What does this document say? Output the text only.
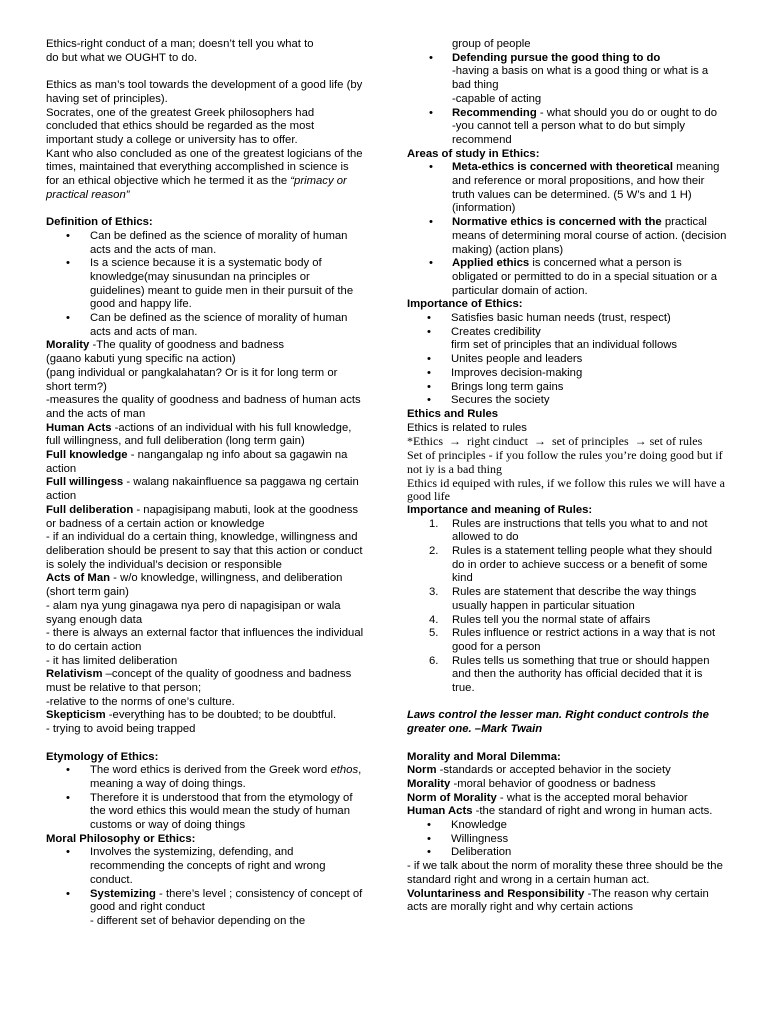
Ethics-right conduct of a man; doesn’t tell you what to

do but what we OUGHT to do.

Ethics as man’s tool towards the development of a good life (by having set of principles).

Socrates, one of the greatest Greek philosophers had concluded that ethics should be regarded as the most important study a college or university has to offer.

Kant who also concluded as one of the greatest logicians of the times, maintained that everything accomplished in science is for an ethical objective which he termed it as the “primacy or practical reason”

Definition of Ethics:

• Can be defined as the science of morality of human acts and the acts of man.
• Is a science because it is a systematic body of knowledge(may sinusundan na principles or guidelines) meant to guide men in their pursuit of the good and happy life.
• Can be defined as the science of morality of human acts and acts of man.

Morality -The quality of goodness and badness

(gaano kabuti yung specific na action)

(pang individual or pangkalahatan? Or is it for long term or short term?)

-measures the quality of goodness and badness of human acts and the acts of man

Human Acts -actions of an individual with his full knowledge, full willingness, and full deliberation (long term gain)

Full knowledge - nangangalap ng info about sa gagawin na action

Full willingess - walang nakainfluence sa paggawa ng certain action

Full deliberation - napagisipang mabuti, look at the goodness or badness of a certain action or knowledge

- if an individual do a certain thing, knowledge, willingness and deliberation should be present to say that this action or conduct is solely the individual’s decision or responsible

Acts of Man - w/o knowledge, willingness, and deliberation (short term gain)

- alam nya yung ginagawa nya pero di napagisipan or wala syang enough data

- there is always an external factor that influences the individual to do certain action

- it has limited deliberation

Relativism –concept of the quality of goodness and badness must be relative to that person;

-relative to the norms of one’s culture.

Skepticism -everything has to be doubted; to be doubtful.

- trying to avoid being trapped

Etymology of Ethics:

• The word ethics is derived from the Greek word ethos, meaning a way of doing things.
• Therefore it is understood that from the etymology of the word ethics this would mean the study of human customs or way of doing things

Moral Philosophy or Ethics:

• Involves the systemizing, defending, and recommending the concepts of right and wrong conduct.
• Systemizing - there’s level ; consistency of concept of good and right conduct
- different set of behavior depending on the

group of people

• Defending pursue the good thing to do
-having a basis on what is a good thing or what is a bad thing
-capable of acting
• Recommending - what should you do or ought to do
-you cannot tell a person what to do but simply recommend

Areas of study in Ethics:

• Meta-ethics is concerned with theoretical meaning and reference or moral propositions, and how their truth values can be determined. (5 W’s and 1 H) (information)
• Normative ethics is concerned with the practical means of determining moral course of action. (decision making) (action plans)
• Applied ethics is concerned what a person is obligated or permitted to do in a special situation or a particular domain of action.

Importance of Ethics:

• Satisfies basic human needs (trust, respect)
• Creates credibility
firm set of principles that an individual follows
• Unites people and leaders
• Improves decision-making
• Brings long term gains
• Secures the society

Ethics and Rules

Ethics is related to rules

*Ethics → right cinduct → set of principles → set of rules

Set of principles - if you follow the rules you’re doing good but if not iy is a bad thing

Ethics id equiped with rules, if we follow this rules we will have a good life

Importance and meaning of Rules:

1. Rules are instructions that tells you what to and not allowed to do
2. Rules is a statement telling people what they should do in order to achieve success or a benefit of some kind
3. Rules are statement that describe the way things usually happen in particular situation
4. Rules tell you the normal state of affairs
5. Rules influence or restrict actions in a way that is not good for a person
6. Rules tells us something that true or should happen and then the authority has official decided that it is true.

Laws control the lesser man. Right conduct controls the greater one. –Mark Twain

Morality and Moral Dilemma:

Norm -standards or accepted behavior in the society

Morality -moral behavior of goodness or badness

Norm of Morality - what is the accepted moral behavior

Human Acts -the standard of right and wrong in human acts.

• Knowledge
• Willingness
• Deliberation

- if we talk about the norm of morality these three should be the standard right and wrong in a certain human act.

Voluntariness and Responsibility -The reason why certain acts are morally right and why certain actions
